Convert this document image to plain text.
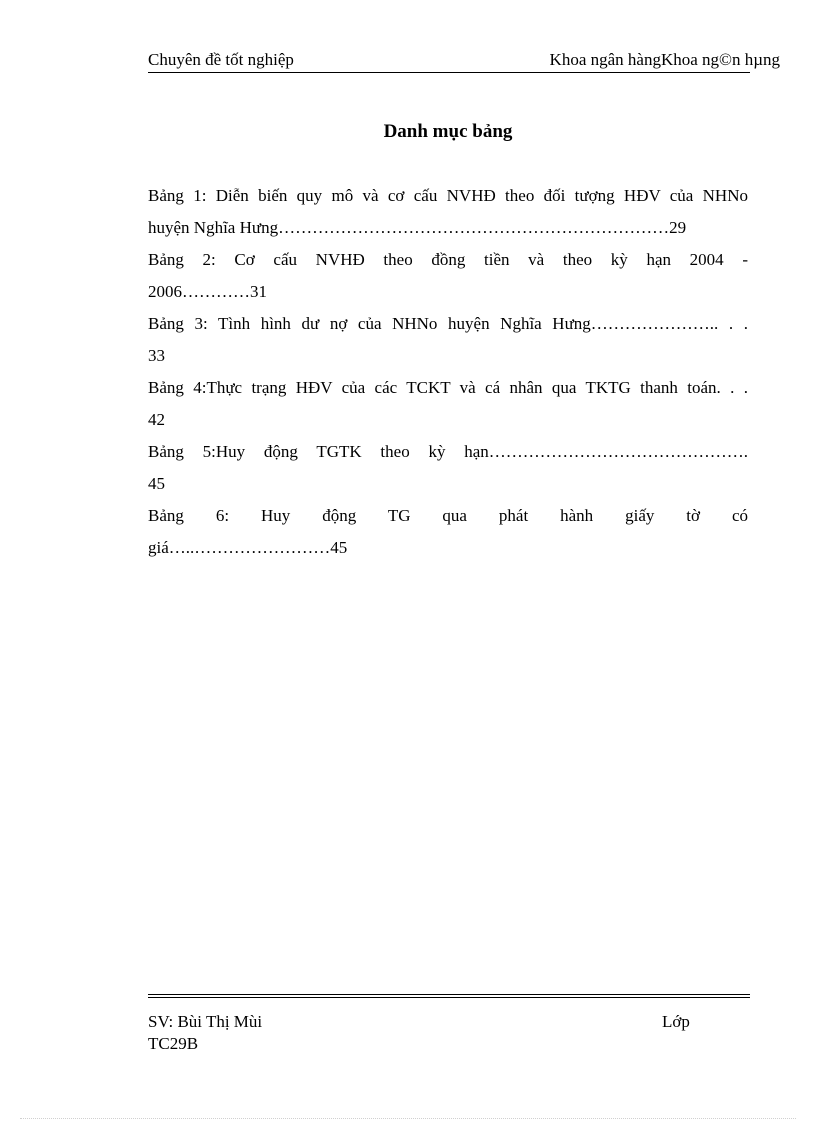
Chuyên đề tốt nghiệp	Khoa ngân hàngKhoa ng©n hµng
Danh mục bảng

Bảng 1: Diễn biến quy mô và cơ cấu NVHĐ theo đối tượng HĐV của NHNo

huyện Nghĩa Hưng……………………………………………………………29

Bảng 2: Cơ cấu NVHĐ theo đồng tiền và theo kỳ hạn 2004 -

2006…………31

Bảng 3: Tình hình dư nợ của NHNo huyện Nghĩa Hưng………………….. . .

33

Bảng 4:Thực trạng HĐV của các TCKT và cá nhân qua TKTG thanh toán. . .

42

Bảng 5:Huy động TGTK theo kỳ hạn……………………………………….

45

Bảng 6: Huy động TG qua phát hành giấy tờ có

giá…..……………………45

SV: Bùi Thị Mùi
TC29B
Lớp
